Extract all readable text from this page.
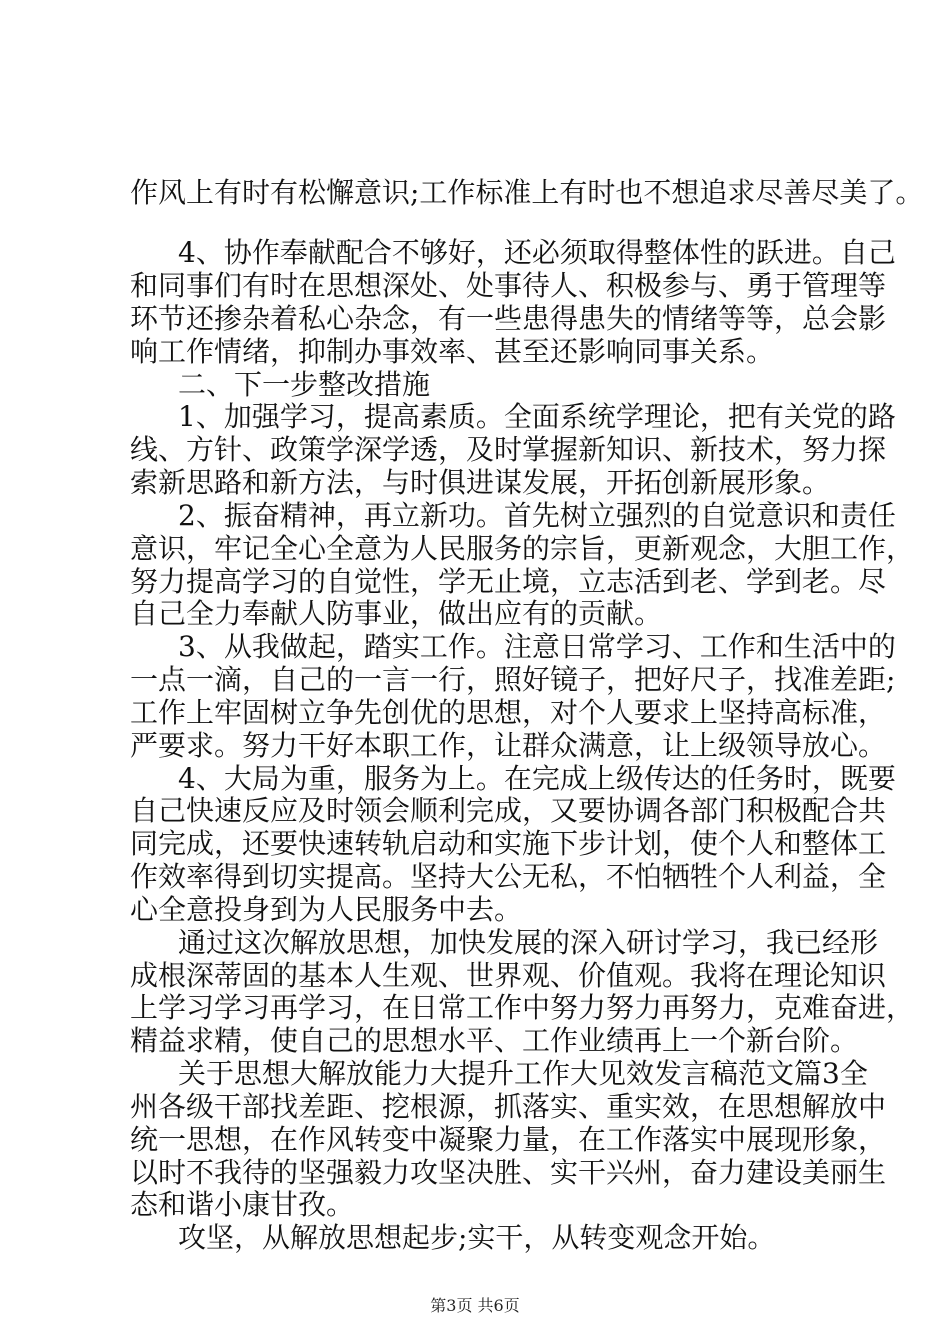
作风上有时有松懈意识;工作标准上有时也不想追求尽善尽美了。
4、协作奉献配合不够好，还必须取得整体性的跃进。自己
和同事们有时在思想深处、处事待人、积极参与、勇于管理等
环节还掺杂着私心杂念，有一些患得患失的情绪等等，总会影
响工作情绪，抑制办事效率、甚至还影响同事关系。
二、下一步整改措施
1、加强学习，提高素质。全面系统学理论，把有关党的路
线、方针、政策学深学透，及时掌握新知识、新技术，努力探
索新思路和新方法，与时俱进谋发展，开拓创新展形象。
2、振奋精神，再立新功。首先树立强烈的自觉意识和责任
意识，牢记全心全意为人民服务的宗旨，更新观念，大胆工作，
努力提高学习的自觉性，学无止境，立志活到老、学到老。尽
自己全力奉献人防事业，做出应有的贡献。
3、从我做起，踏实工作。注意日常学习、工作和生活中的
一点一滴，自己的一言一行，照好镜子，把好尺子，找准差距;
工作上牢固树立争先创优的思想，对个人要求上坚持高标准，
严要求。努力干好本职工作，让群众满意，让上级领导放心。
4、大局为重，服务为上。在完成上级传达的任务时，既要
自己快速反应及时领会顺利完成，又要协调各部门积极配合共
同完成，还要快速转轨启动和实施下步计划，使个人和整体工
作效率得到切实提高。坚持大公无私，不怕牺牲个人利益，全
心全意投身到为人民服务中去。
通过这次解放思想，加快发展的深入研讨学习，我已经形
成根深蒂固的基本人生观、世界观、价值观。我将在理论知识
上学习学习再学习，在日常工作中努力努力再努力，克难奋进，
精益求精，使自己的思想水平、工作业绩再上一个新台阶。
关于思想大解放能力大提升工作大见效发言稿范文篇3全
州各级干部找差距、挖根源，抓落实、重实效，在思想解放中
统一思想，在作风转变中凝聚力量，在工作落实中展现形象，
以时不我待的坚强毅力攻坚决胜、实干兴州，奋力建设美丽生
态和谐小康甘孜。
攻坚，从解放思想起步;实干，从转变观念开始。
第3页 共6页
